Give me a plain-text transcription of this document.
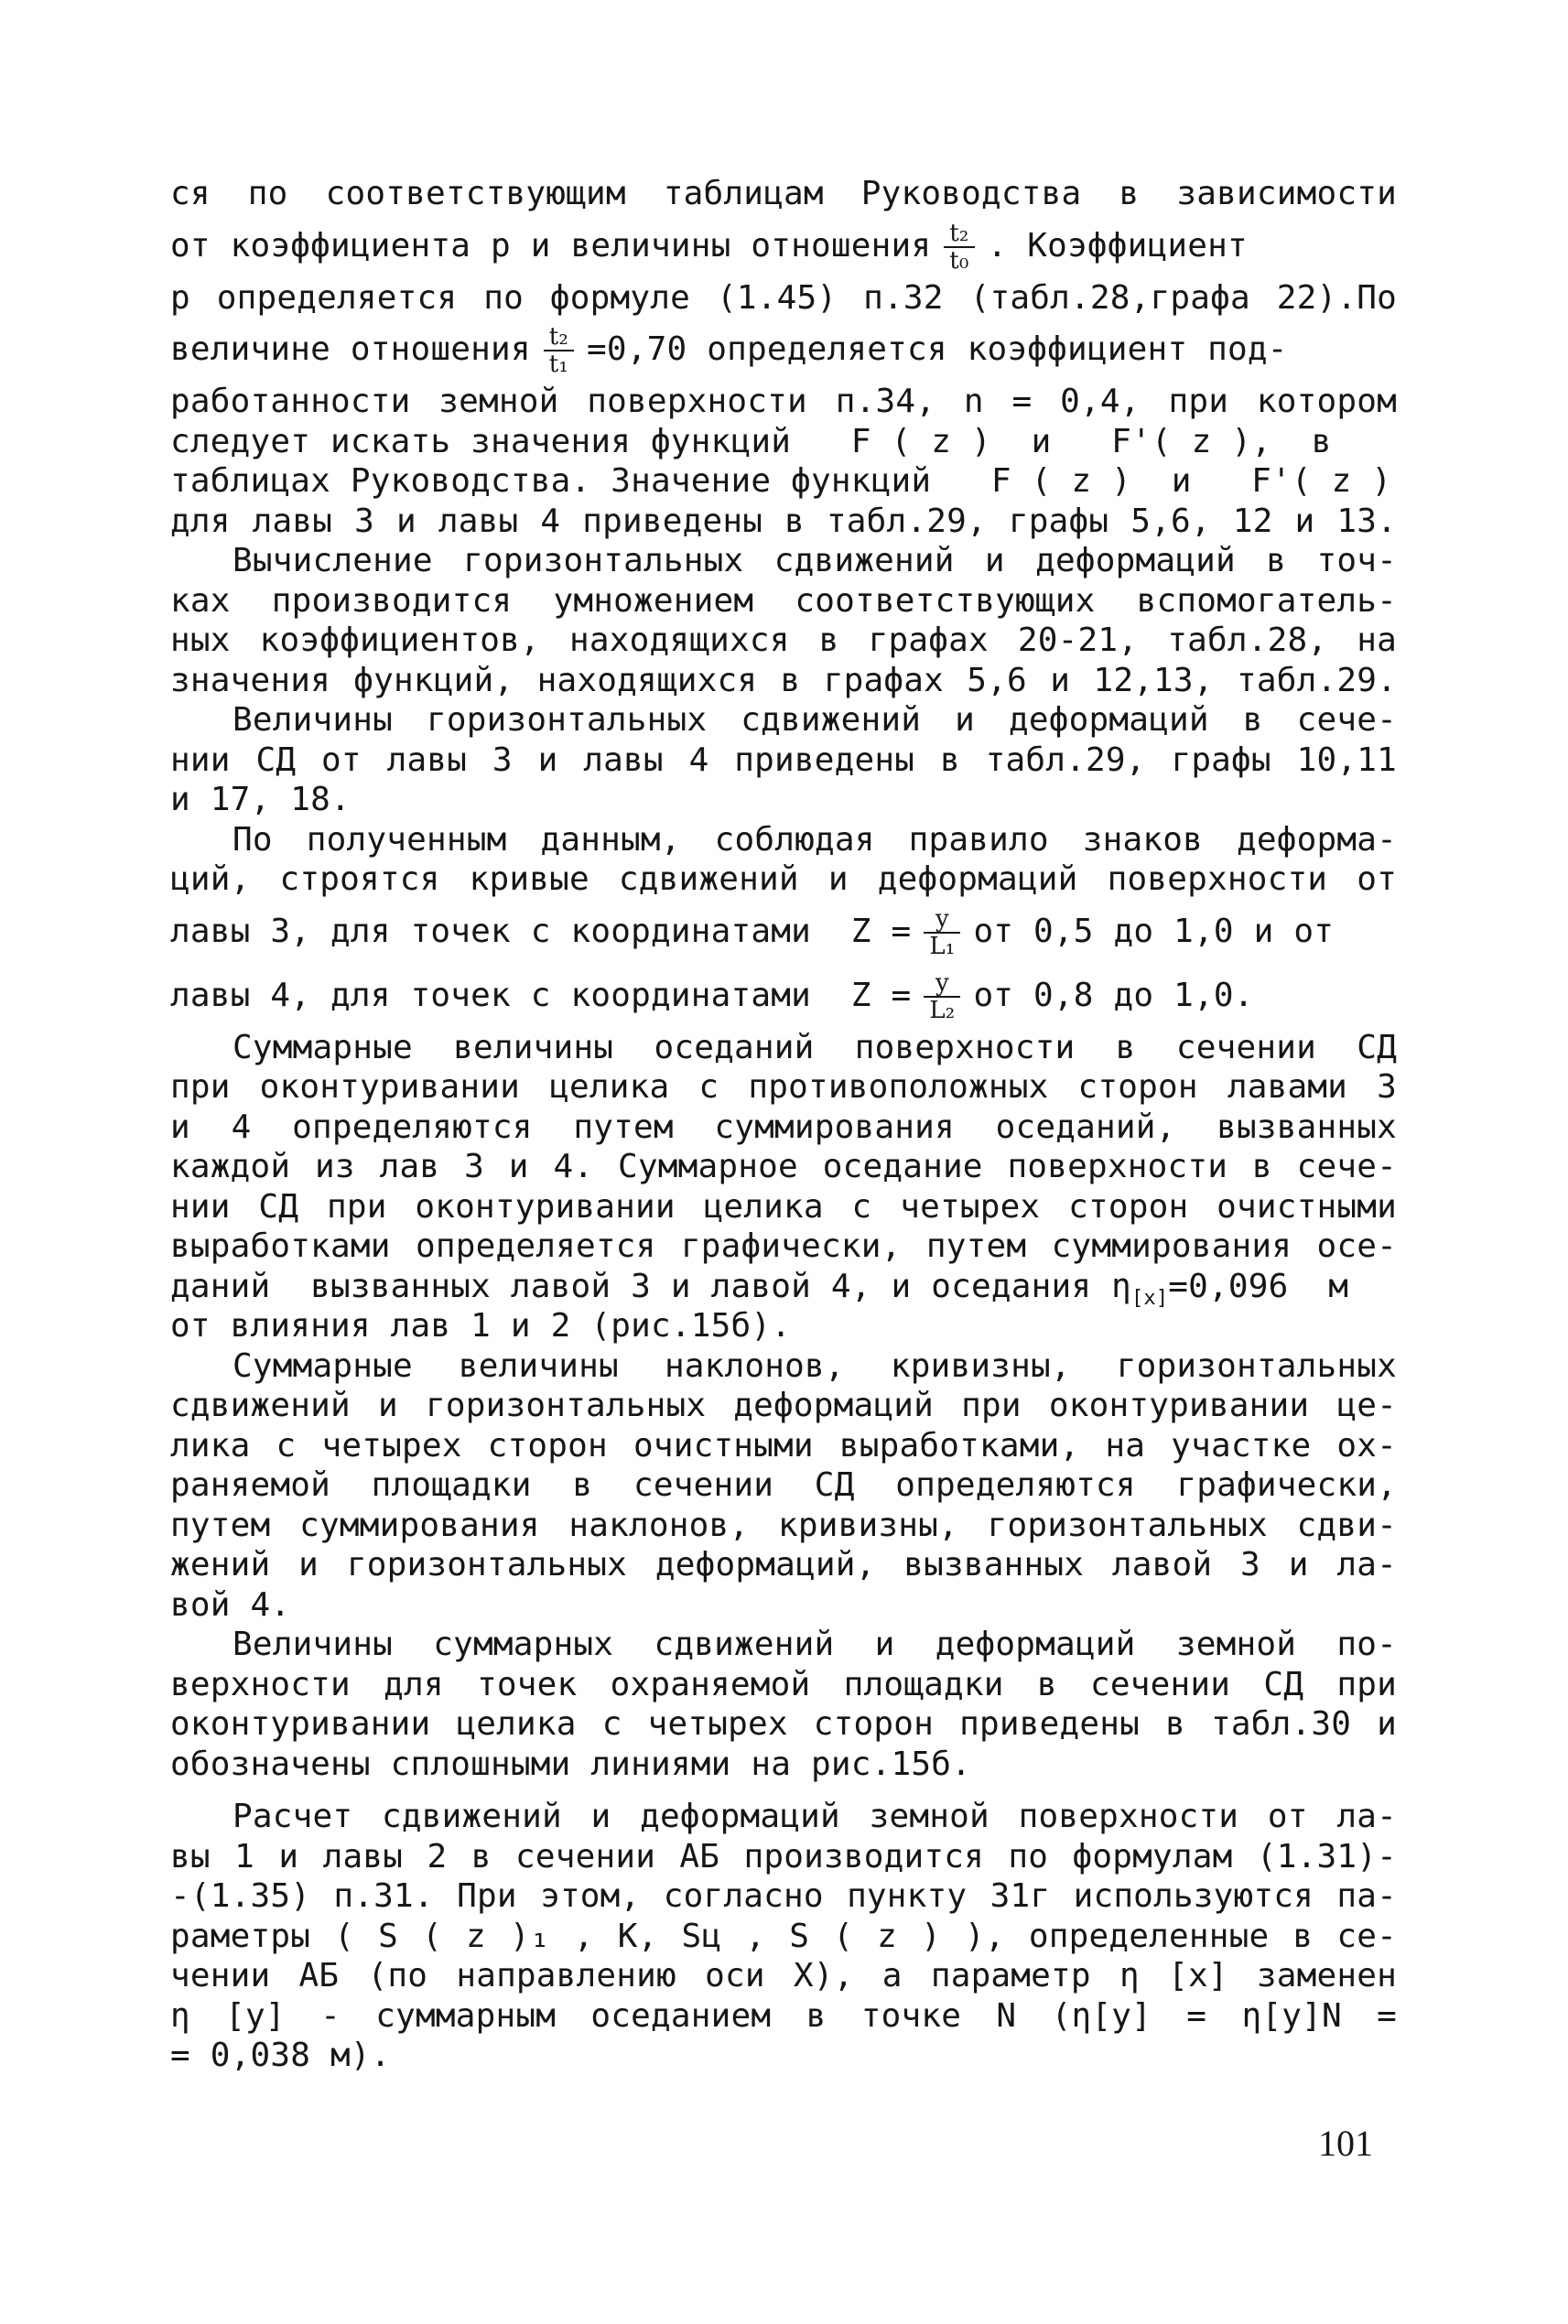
ся по соответствующим таблицам Руководства в зависимости
от коэффициента р и величины отношения $\frac{\text{t₂}}{\text{t₀}}$ . Коэффициент
р определяется по формуле (1.45) п.32 (табл.28,графа 22).По
величине отношения $\frac{\text{t₂}}{\text{t₁}} =0,70$ определяется коэффициент под-
работанности земной поверхности п.34, n = 0,4, при котором
следует искать значения функций   F ( z )  и   F'( z ),  в
таблицах Руководства. Значение функций   F ( z )  и   F'( z )
для лавы 3 и лавы 4 приведены в табл.29, графы 5,6, 12 и 13.
Вычисление горизонтальных сдвижений и деформаций в точ-
ках производится умножением соответствующих вспомогатель-
ных коэффициентов, находящихся в графах 20-21, табл.28, на
значения функций, находящихся в графах 5,6 и 12,13, табл.29.
Величины горизонтальных сдвижений и деформаций в сече-
нии СД от лавы 3 и лавы 4 приведены в табл.29, графы 10,11
и 17, 18.
По полученным данным, соблюдая правило знаков деформа-
ций, строятся кривые сдвижений и деформаций поверхности от
лавы 3, для точек с координатами  $Z = \frac{y}{\text{L₁}}$ от 0,5 до 1,0 и от
лавы 4, для точек с координатами  $Z = \frac{y}{\text{L₂}}$ от 0,8 до 1,0.
Суммарные величины оседаний поверхности в сечении СД
при оконтуривании целика с противоположных сторон лавами 3
и 4 определяются путем суммирования оседаний, вызванных
каждой из лав 3 и 4. Суммарное оседание поверхности в сече-
нии СД при оконтуривании целика с четырех сторон очистными
выработками определяется графически, путем суммирования осе-
даний  вызванных лавой 3 и лавой 4, и оседания $\eta_{[x]}=0,096$  м
от влияния лав 1 и 2 (рис.15б).
Суммарные величины наклонов, кривизны, горизонтальных
сдвижений и горизонтальных деформаций при оконтуривании це-
лика с четырех сторон очистными выработками, на участке ох-
раняемой площадки в сечении СД определяются графически,
путем суммирования наклонов, кривизны, горизонтальных сдви-
жений и горизонтальных деформаций, вызванных лавой 3 и ла-
вой 4.
Величины суммарных сдвижений и деформаций земной по-
верхности для точек охраняемой площадки в сечении СД при
оконтуривании целика с четырех сторон приведены в табл.30 и
обозначены сплошными линиями на рис.15б.
Расчет сдвижений и деформаций земной поверхности от ла-
вы 1 и лавы 2 в сечении АБ производится по формулам (1.31)-
-(1.35) п.31. При этом, согласно пункту 31г используются па-
раметры ( S ( z )₁ , K, Sц , S ( z ) ), определенные в се-
чении АБ (по направлению оси X), а параметр η [x] заменен
η [y] - суммарным оседанием в точке N (η[y] = η[y]N =
= 0,038 м).
101
